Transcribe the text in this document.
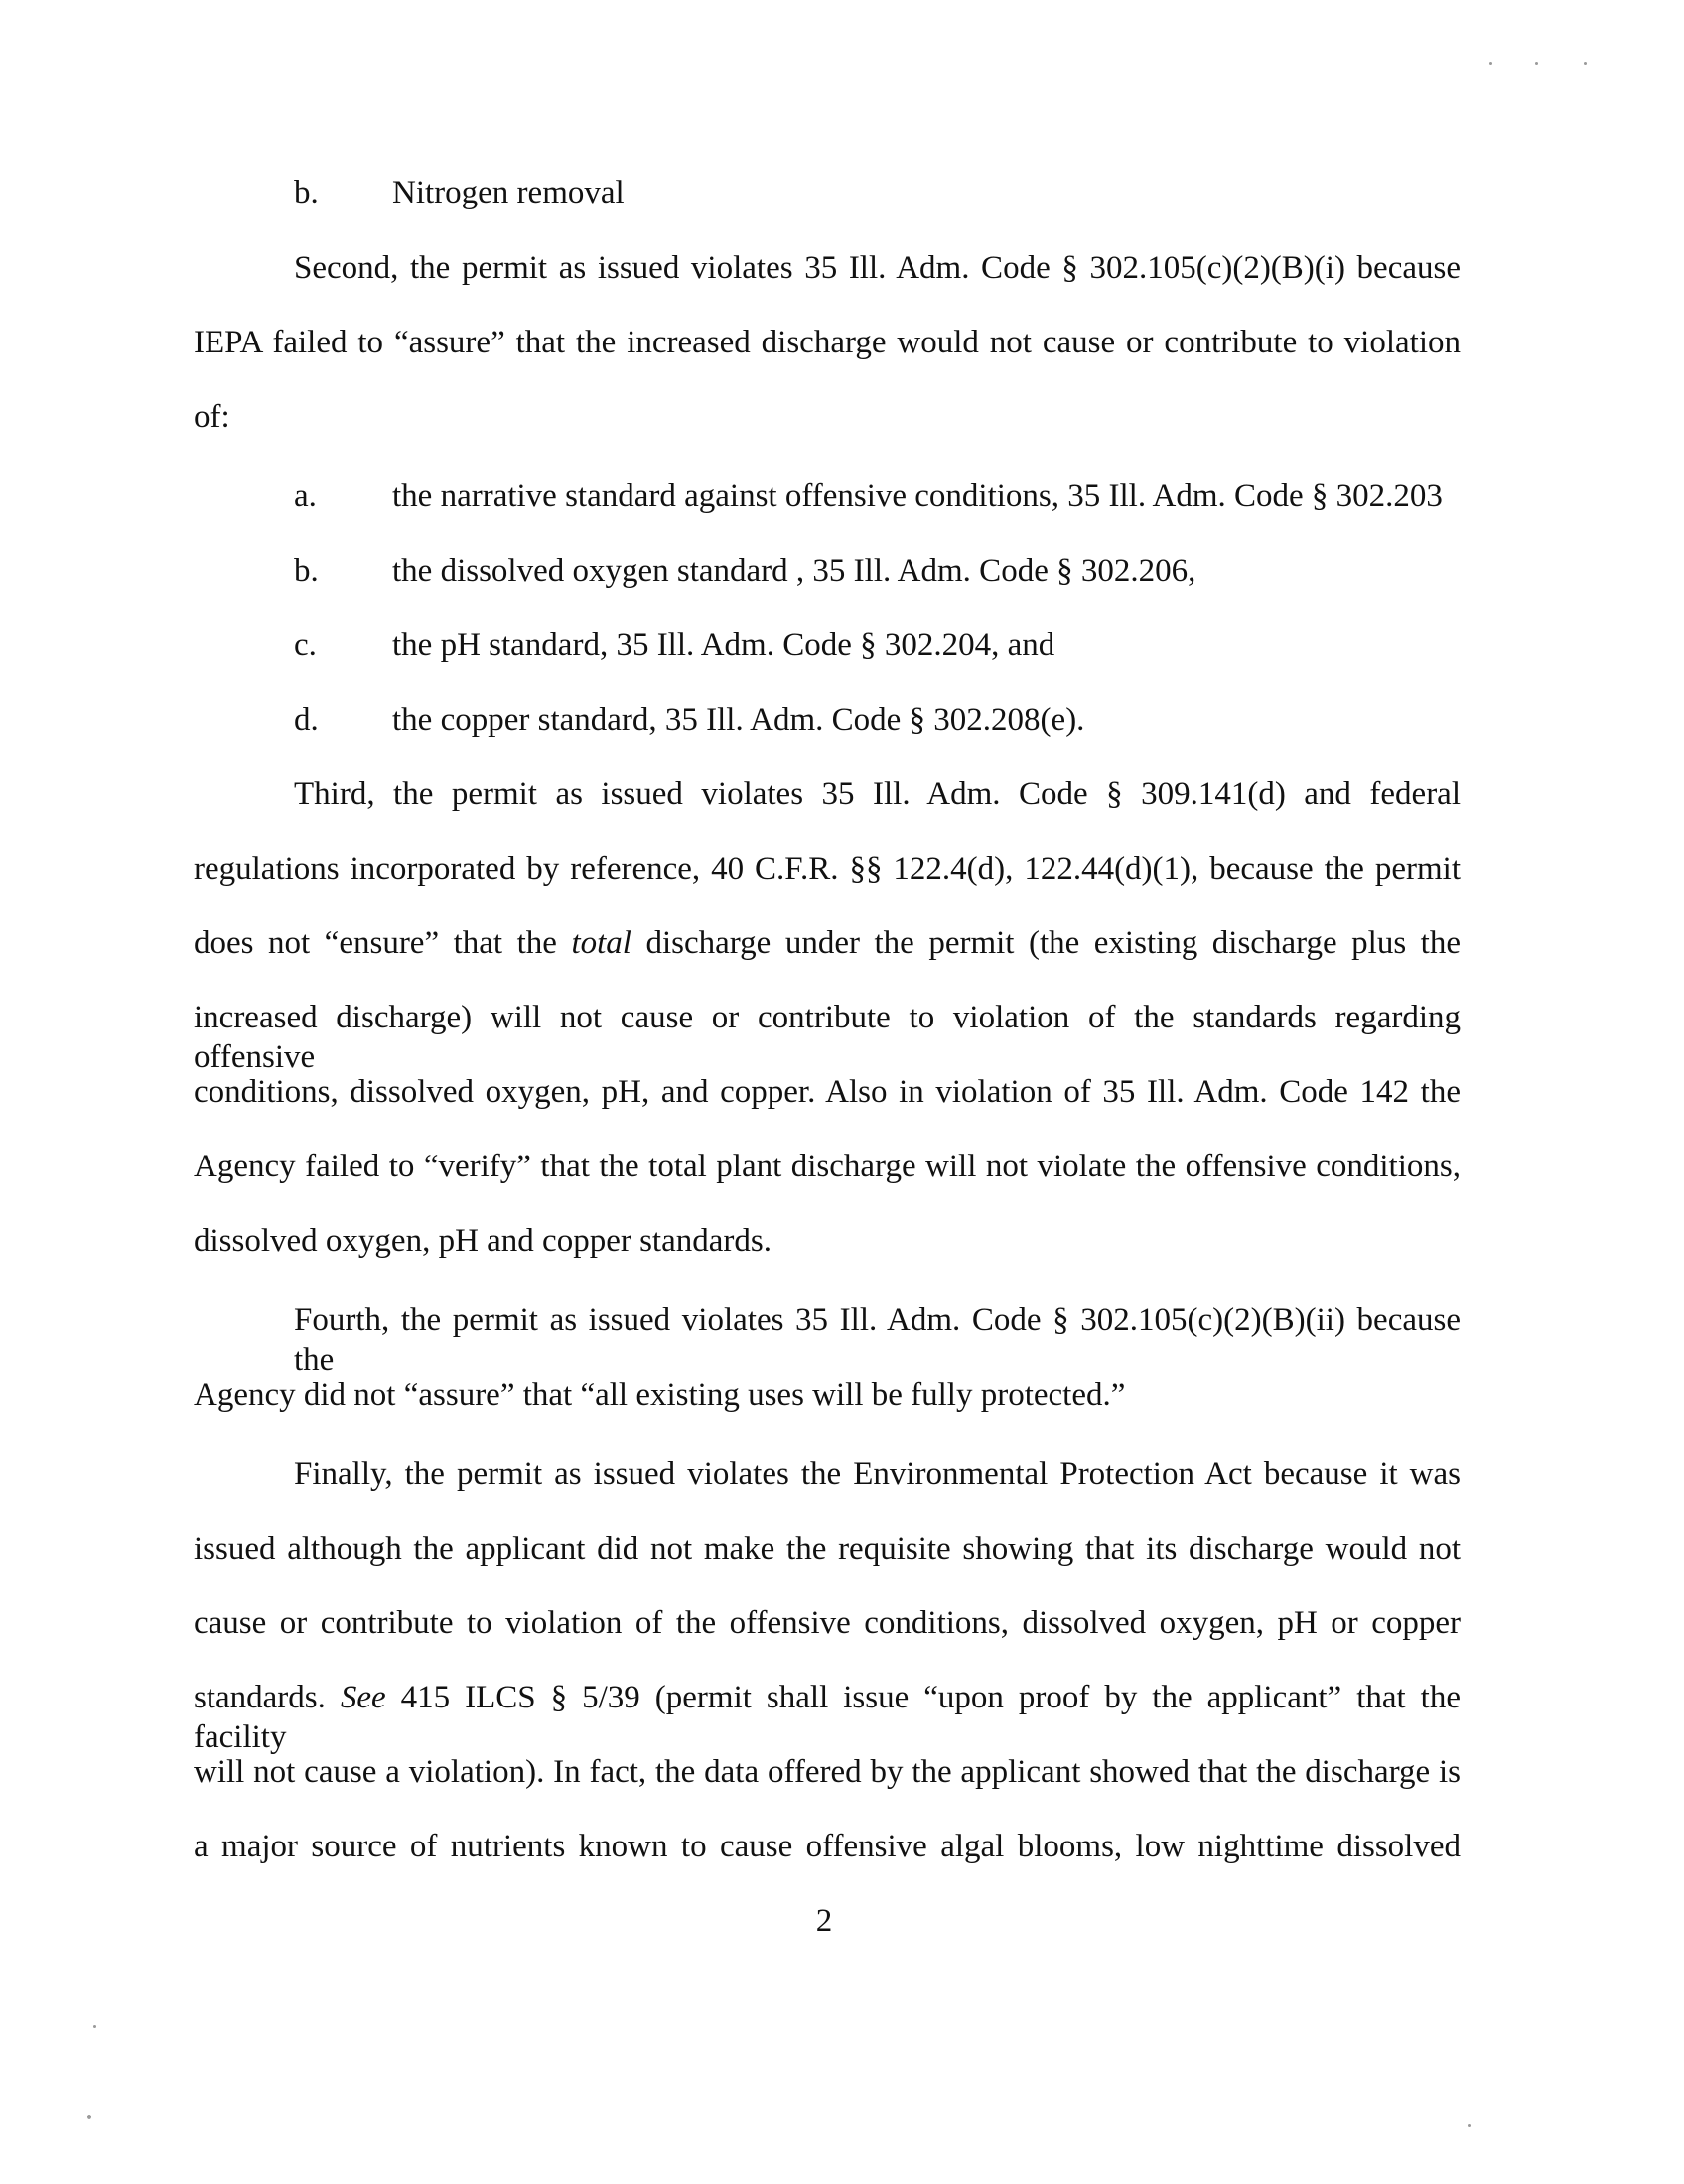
b. Nitrogen removal
Second, the permit as issued violates 35 Ill. Adm. Code § 302.105(c)(2)(B)(i) because
IEPA failed to “assure” that the increased discharge would not cause or contribute to violation
of:
a. the narrative standard against offensive conditions, 35 Ill. Adm. Code § 302.203
b. the dissolved oxygen standard , 35 Ill. Adm. Code § 302.206,
c. the pH standard, 35 Ill. Adm. Code § 302.204, and
d. the copper standard, 35 Ill. Adm. Code § 302.208(e).
Third, the permit as issued violates 35 Ill. Adm. Code § 309.141(d) and federal
regulations incorporated by reference, 40 C.F.R. §§ 122.4(d), 122.44(d)(1), because the permit
does not “ensure” that the total discharge under the permit (the existing discharge plus the
increased discharge) will not cause or contribute to violation of the standards regarding offensive
conditions, dissolved oxygen, pH, and copper. Also in violation of 35 Ill. Adm. Code 142 the
Agency failed to “verify” that the total plant discharge will not violate the offensive conditions,
dissolved oxygen, pH and copper standards.
Fourth, the permit as issued violates 35 Ill. Adm. Code § 302.105(c)(2)(B)(ii) because the
Agency did not “assure” that “all existing uses will be fully protected.”
Finally, the permit as issued violates the Environmental Protection Act because it was
issued although the applicant did not make the requisite showing that its discharge would not
cause or contribute to violation of the offensive conditions, dissolved oxygen, pH or copper
standards. See 415 ILCS § 5/39 (permit shall issue “upon proof by the applicant” that the facility
will not cause a violation). In fact, the data offered by the applicant showed that the discharge is
a major source of nutrients known to cause offensive algal blooms, low nighttime dissolved
2
